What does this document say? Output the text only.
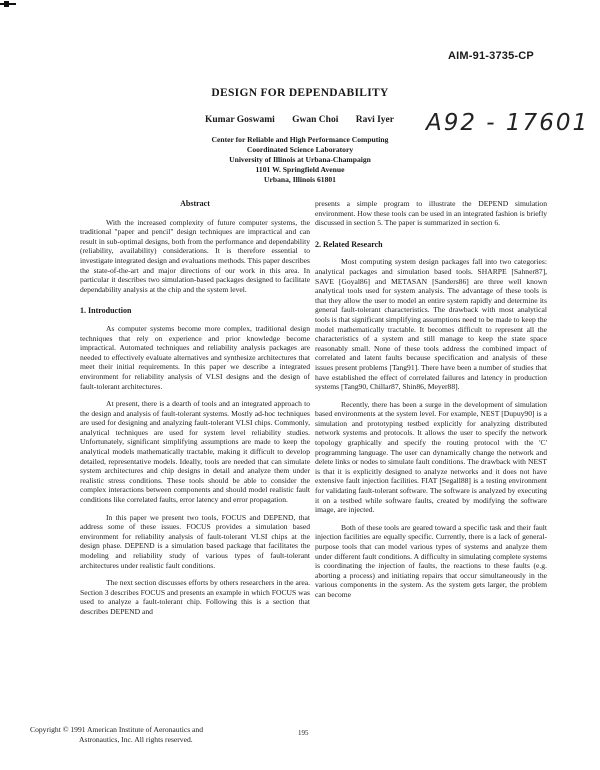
AIM-91-3735-CP
A92 - 17601
DESIGN FOR DEPENDABILITY
Kumar Goswami Gwan Choi Ravi Iyer
Center for Reliable and High Performance Computing
Coordinated Science Laboratory
University of Illinois at Urbana-Champaign
1101 W. Springfield Avenue
Urbana, Illinois 61801
Abstract

With the increased complexity of future computer systems, the traditional "paper and pencil" design techniques are impractical and can result in sub-optimal designs, both from the performance and dependability (reliability, availability) considerations. It is therefore essential to investigate integrated design and evaluations methods. This paper describes the state-of-the-art and major directions of our work in this area. In particular it describes two simulation-based packages designed to facilitate dependability analysis at the chip and the system level.

1. Introduction

As computer systems become more complex, traditional design techniques that rely on experience and prior knowledge become impractical. Automated techniques and reliability analysis packages are needed to effectively evaluate alternatives and synthesize architectures that meet their initial requirements. In this paper we describe a integrated environment for reliability analysis of VLSI designs and the design of fault-tolerant architectures.

At present, there is a dearth of tools and an integrated approach to the design and analysis of fault-tolerant systems. Mostly ad-hoc techniques are used for designing and analyzing fault-tolerant VLSI chips. Commonly, analytical techniques are used for system level reliability studies. Unfortunately, significant simplifying assumptions are made to keep the analytical models mathematically tractable, making it difficult to develop detailed, representative models. Ideally, tools are needed that can simulate system architectures and chip designs in detail and analyze them under realistic stress conditions. These tools should be able to consider the complex interactions between components and should model realistic fault conditions like correlated faults, error latency and error propagation.

In this paper we present two tools, FOCUS and DEPEND, that address some of these issues. FOCUS provides a simulation based environment for reliability analysis of fault-tolerant VLSI chips at the design phase. DEPEND is a simulation based package that facilitates the modeling and reliability study of various types of fault-tolerant architectures under realistic fault conditions.

The next section discusses efforts by others researchers in the area. Section 3 describes FOCUS and presents an example in which FOCUS was used to analyze a fault-tolerant chip. Following this is a section that describes DEPEND and

presents a simple program to illustrate the DEPEND simulation environment. How these tools can be used in an integrated fashion is briefly discussed in section 5. The paper is summarized in section 6.

2. Related Research

Most computing system design packages fall into two categories: analytical packages and simulation based tools. SHARPE [Sahner87], SAVE [Goyal86] and METASAN [Sanders86] are three well known analytical tools used for system analysis. The advantage of these tools is that they allow the user to model an entire system rapidly and determine its general fault-tolerant characteristics. The drawback with most analytical tools is that significant simplifying assumptions need to be made to keep the model mathematically tractable. It becomes difficult to represent all the characteristics of a system and still manage to keep the state space reasonably small. None of these tools address the combined impact of correlated and latent faults because specification and analysis of these issues present problems [Tang91]. There have been a number of studies that have established the effect of correlated failures and latency in production systems [Tang90, Chillar87, Shin86, Meyer88].

Recently, there has been a surge in the development of simulation based environments at the system level. For example, NEST [Dupuy90] is a simulation and prototyping testbed explicitly for analyzing distributed network systems and protocols. It allows the user to specify the network topology graphically and specify the routing protocol with the 'C' programming language. The user can dynamically change the network and delete links or nodes to simulate fault conditions. The drawback with NEST is that it is explicitly designed to analyze networks and it does not have extensive fault injection facilities. FIAT [Segall88] is a testing environment for validating fault-tolerant software. The software is analyzed by executing it on a testbed while software faults, created by modifying the software image, are injected.

Both of these tools are geared toward a specific task and their fault injection facilities are equally specific. Currently, there is a lack of general-purpose tools that can model various types of systems and analyze them under different fault conditions. A difficulty in simulating complete systems is coordinating the injection of faults, the reactions to these faults (e.g. aborting a process) and initiating repairs that occur simultaneously in the various components in the system. As the system gets larger, the problem can become

Copyright © 1991 American Institute of Aeronautics and
Astronautics, Inc. All rights reserved.
195
